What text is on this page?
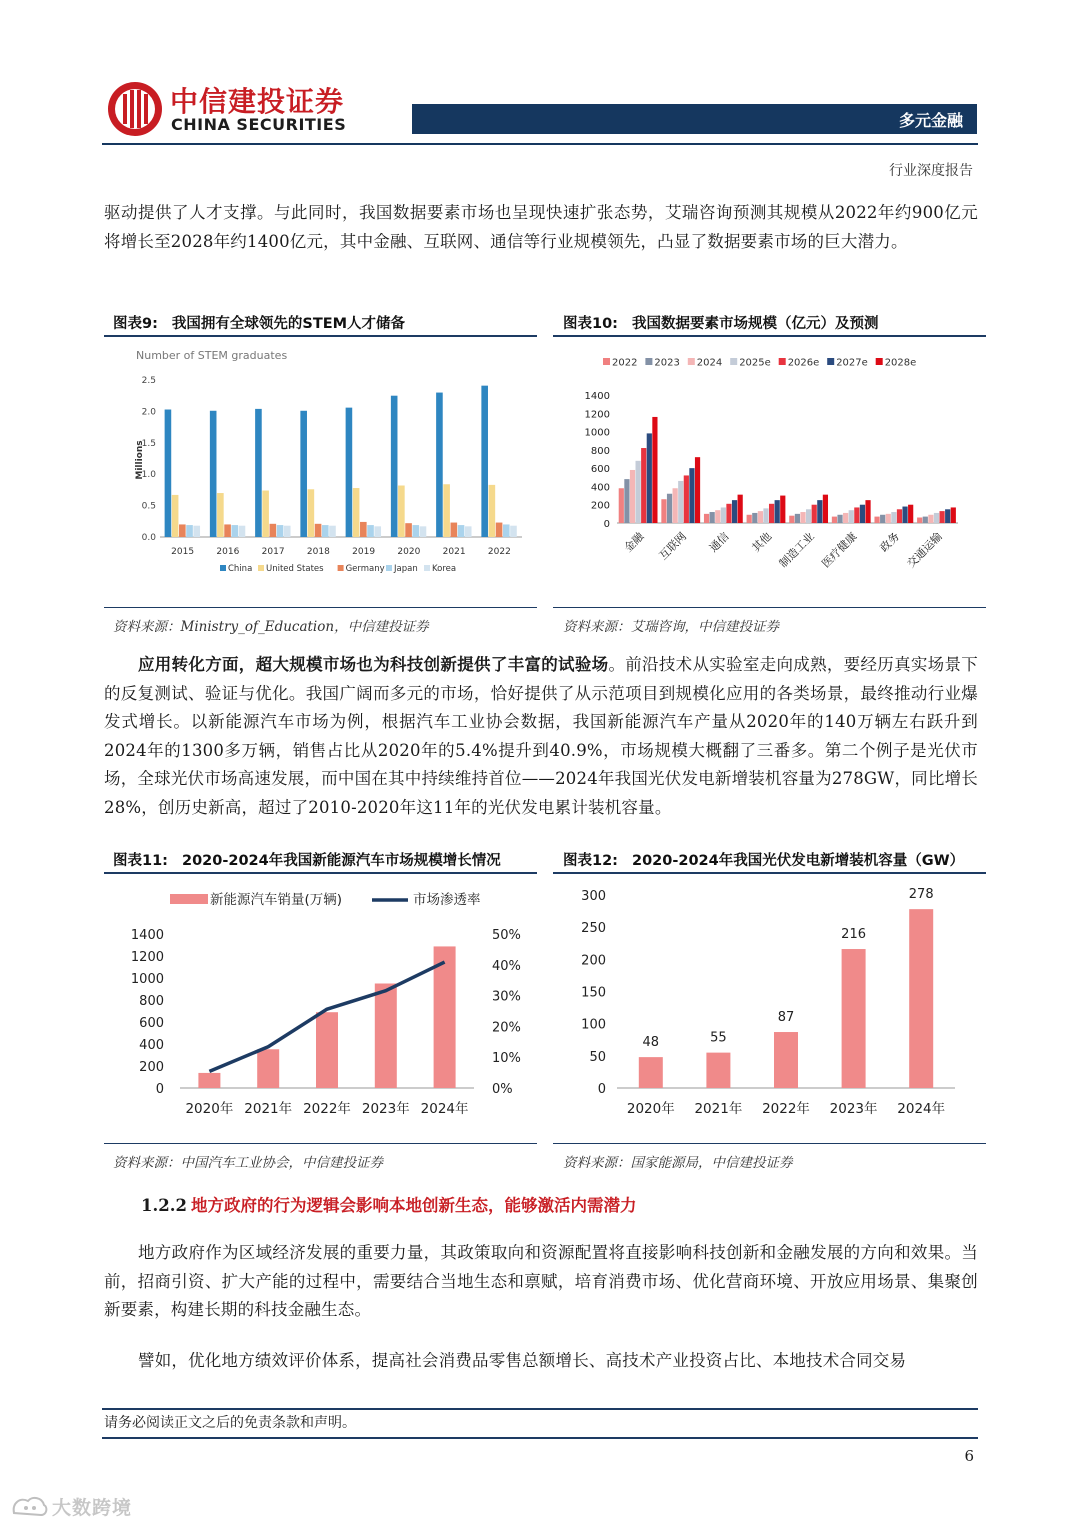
中信建投证券
CHINA SECURITIES	多元金融
行业深度报告
驱动提供了人才支撑。与此同时，我国数据要素市场也呈现快速扩张态势，艾瑞咨询预测其规模从2022年约900亿元将增长至2028年约1400亿元，其中金融、互联网、通信等行业规模领先，凸显了数据要素市场的巨大潜力。
图表9: 我国拥有全球领先的STEM人才储备	图表10: 我国数据要素市场规模（亿元）及预测
Number of STEM graduates
Millions
0.0
0.5
1.0
1.5
2.0
2.5
2015 2016 2017 2018 2019 2020 2021 2022
China United States	Germany Japan Korea
2022 2023 2024 2025e 2026e 2027e 2028e
0
200
400
600
800
1000
1200
1400
金融 互联网 通信 其他 制造工业 医疗健康 政务 交通运输
资料来源：Ministry_of_Education，中信建投证券	资料来源：艾瑞咨询，中信建投证券
应用转化方面，超大规模市场也为科技创新提供了丰富的试验场。前沿技术从实验室走向成熟，要经历真实场景下的反复测试、验证与优化。我国广阔而多元的市场，恰好提供了从示范项目到规模化应用的各类场景，最终推动行业爆发式增长。以新能源汽车市场为例，根据汽车工业协会数据，我国新能源汽车产量从2020年的140万辆左右跃升到2024年的1300多万辆，销售占比从2020年的5.4%提升到40.9%，市场规模大概翻了三番多。第二个例子是光伏市场，全球光伏市场高速发展，而中国在其中持续维持首位——2024年我国光伏发电新增装机容量为278GW，同比增长28%，创历史新高，超过了2010-2020年这11年的光伏发电累计装机容量。
图表11: 2020-2024年我国新能源汽车市场规模增长情况	图表12: 2020-2024年我国光伏发电新增装机容量（GW）
新能源汽车销量(万辆)	市场渗透率
0
200
400
600
800
1000
1200
1400
0%
10%
20%
30%
40%
50%
2020年 2021年 2022年 2023年 2024年
0
50
100
150
200
250
300
48
2020年
55
2021年
87
2022年
216
2023年
278
2024年
资料来源：中国汽车工业协会，中信建投证券	资料来源：国家能源局，中信建投证券
1.2.2 地方政府的行为逻辑会影响本地创新生态，能够激活内需潜力
地方政府作为区域经济发展的重要力量，其政策取向和资源配置将直接影响科技创新和金融发展的方向和效果。当前，招商引资、扩大产能的过程中，需要结合当地生态和禀赋，培育消费市场、优化营商环境、开放应用场景、集聚创新要素，构建长期的科技金融生态。
譬如，优化地方绩效评价体系，提高社会消费品零售总额增长、高技术产业投资占比、本地技术合同交易
请务必阅读正文之后的免责条款和声明。
6
大数跨境
